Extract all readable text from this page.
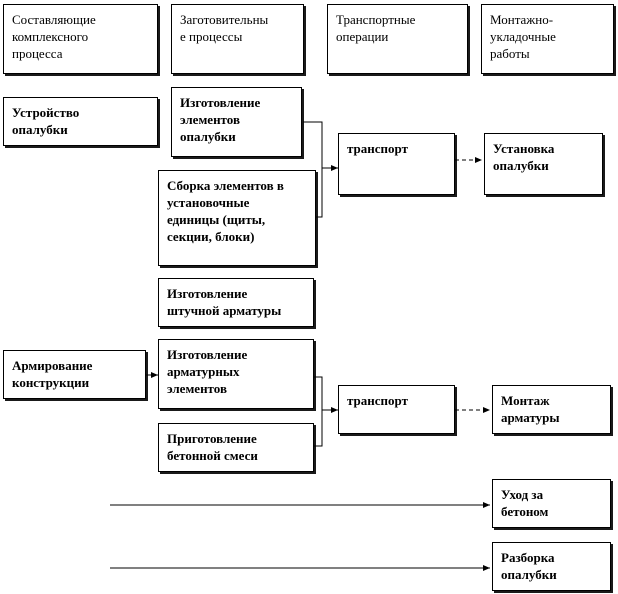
Составляющие
комплексного
процесса
Заготовительны
е процессы
Транспортные
операции
Монтажно-
укладочные
работы
Устройство
опалубки
Изготовление
элементов
опалубки
Сборка элементов в
установочные
единицы (щиты,
секции, блоки)
транспорт	Установка
опалубки
Изготовление
штучной арматуры
Армирование
конструкции
Изготовление
арматурных
элементов
Приготовление
бетонной смеси
транспорт	Монтаж
арматуры
Уход за
бетоном
Разборка
опалубки
